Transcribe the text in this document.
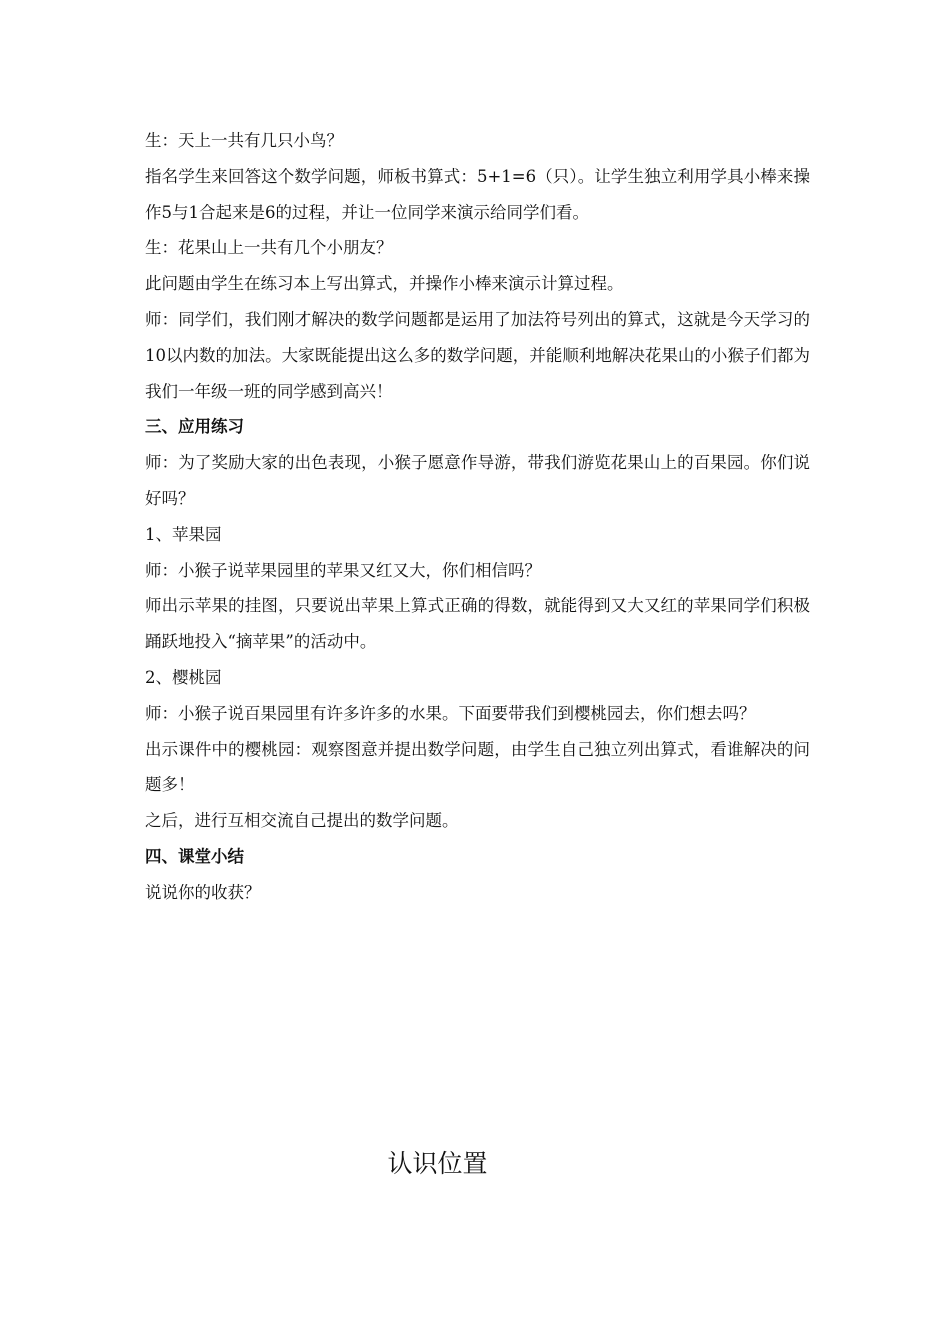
生：天上一共有几只小鸟？

指名学生来回答这个数学问题，师板书算式：5+1=6（只）。让学生独立利用学具小棒来操作5与1合起来是6的过程，并让一位同学来演示给同学们看。

生：花果山上一共有几个小朋友？

此问题由学生在练习本上写出算式，并操作小棒来演示计算过程。

师：同学们，我们刚才解决的数学问题都是运用了加法符号列出的算式，这就是今天学习的10以内数的加法。大家既能提出这么多的数学问题，并能顺利地解决花果山的小猴子们都为我们一年级一班的同学感到高兴！

三、应用练习

师：为了奖励大家的出色表现，小猴子愿意作导游，带我们游览花果山上的百果园。你们说好吗？

1、苹果园

师：小猴子说苹果园里的苹果又红又大，你们相信吗？

师出示苹果的挂图，只要说出苹果上算式正确的得数，就能得到又大又红的苹果同学们积极踊跃地投入“摘苹果”的活动中。

2、樱桃园

师：小猴子说百果园里有许多许多的水果。下面要带我们到樱桃园去，你们想去吗？

出示课件中的樱桃园：观察图意并提出数学问题，由学生自己独立列出算式，看谁解决的问题多！

之后，进行互相交流自己提出的数学问题。

四、课堂小结

说说你的收获？

认识位置
